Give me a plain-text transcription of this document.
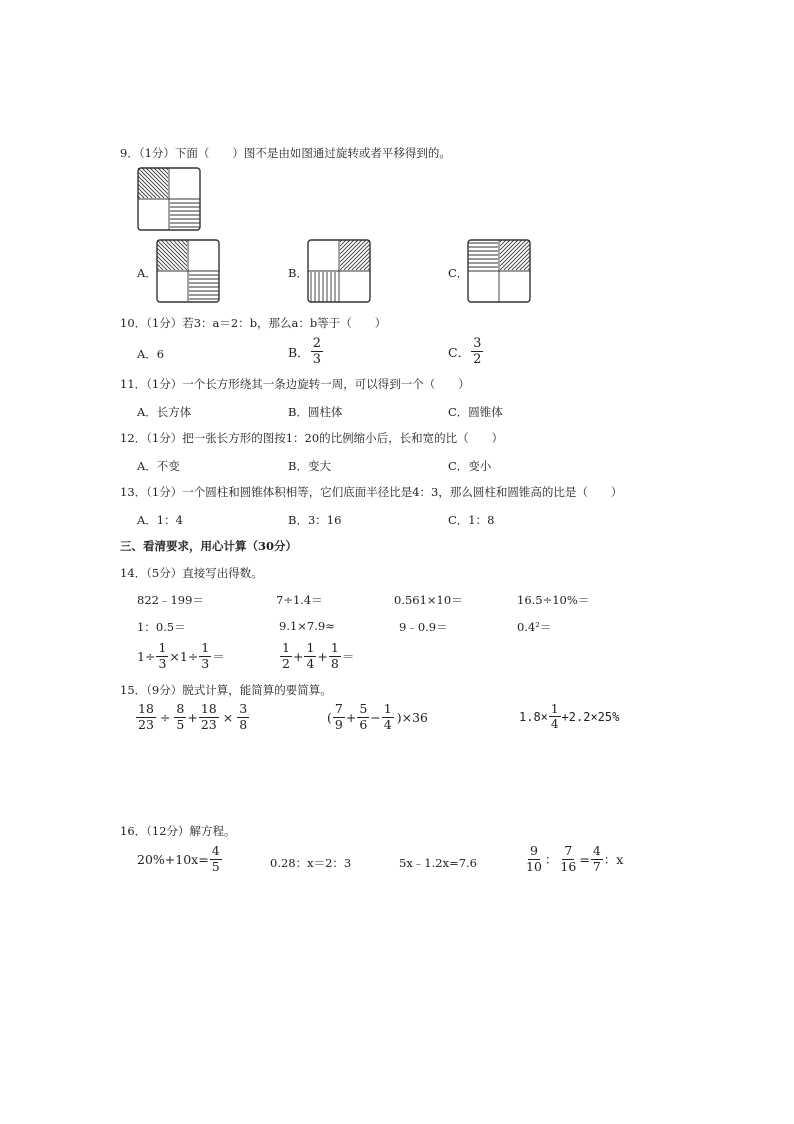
9．（1分）下面（　　）图不是由如图通过旋转或者平移得到的。
A．	B．	C．
10．（1分）若3：a＝2：b，那么a：b等于（　　）
A．6	B． $\frac{2}{3}$	C． $\frac{3}{2}$
11．（1分）一个长方形绕其一条边旋转一周，可以得到一个（　　）
A．长方体	B．圆柱体	C．圆锥体
12．（1分）把一张长方形的图按1：20的比例缩小后，长和宽的比（　　）
A．不变	B．变大	C．变小
13．（1分）一个圆柱和圆锥体积相等，它们底面半径比是4：3，那么圆柱和圆锥高的比是（　　）
A．1：4	B．3：16	C．1：8
三、看清要求，用心计算（30分）
14．（5分）直接写出得数。
822﹣199＝	7÷1.4＝	0.561×10＝	16.5÷10%＝
1：0.5＝	9.1×7.9≈	9﹣0.9＝	0.4²＝
$1\div \frac{1}{3} \times 1\div \frac{1}{3}$ ＝	$\frac{1}{2} + \frac{1}{4} + \frac{1}{8}$ ＝
15．（9分）脱式计算，能简算的要简算。
$\frac{18}{23} \div \frac{8}{5} + \frac{18}{23} \times \frac{3}{8}$	( $\frac{7}{9} + \frac{5}{6} - \frac{1}{4} )\times 36$	$1.8\times \frac{1}{4} +2.2\times 25\%$
16．（12分）解方程。
$20\%+10x= \frac{4}{5}$	0.28：x＝2：3	5x﹣1.2x=7.6	$\frac{9}{10}$ ： $\frac{7}{16} = \frac{4}{7}$ ：x
